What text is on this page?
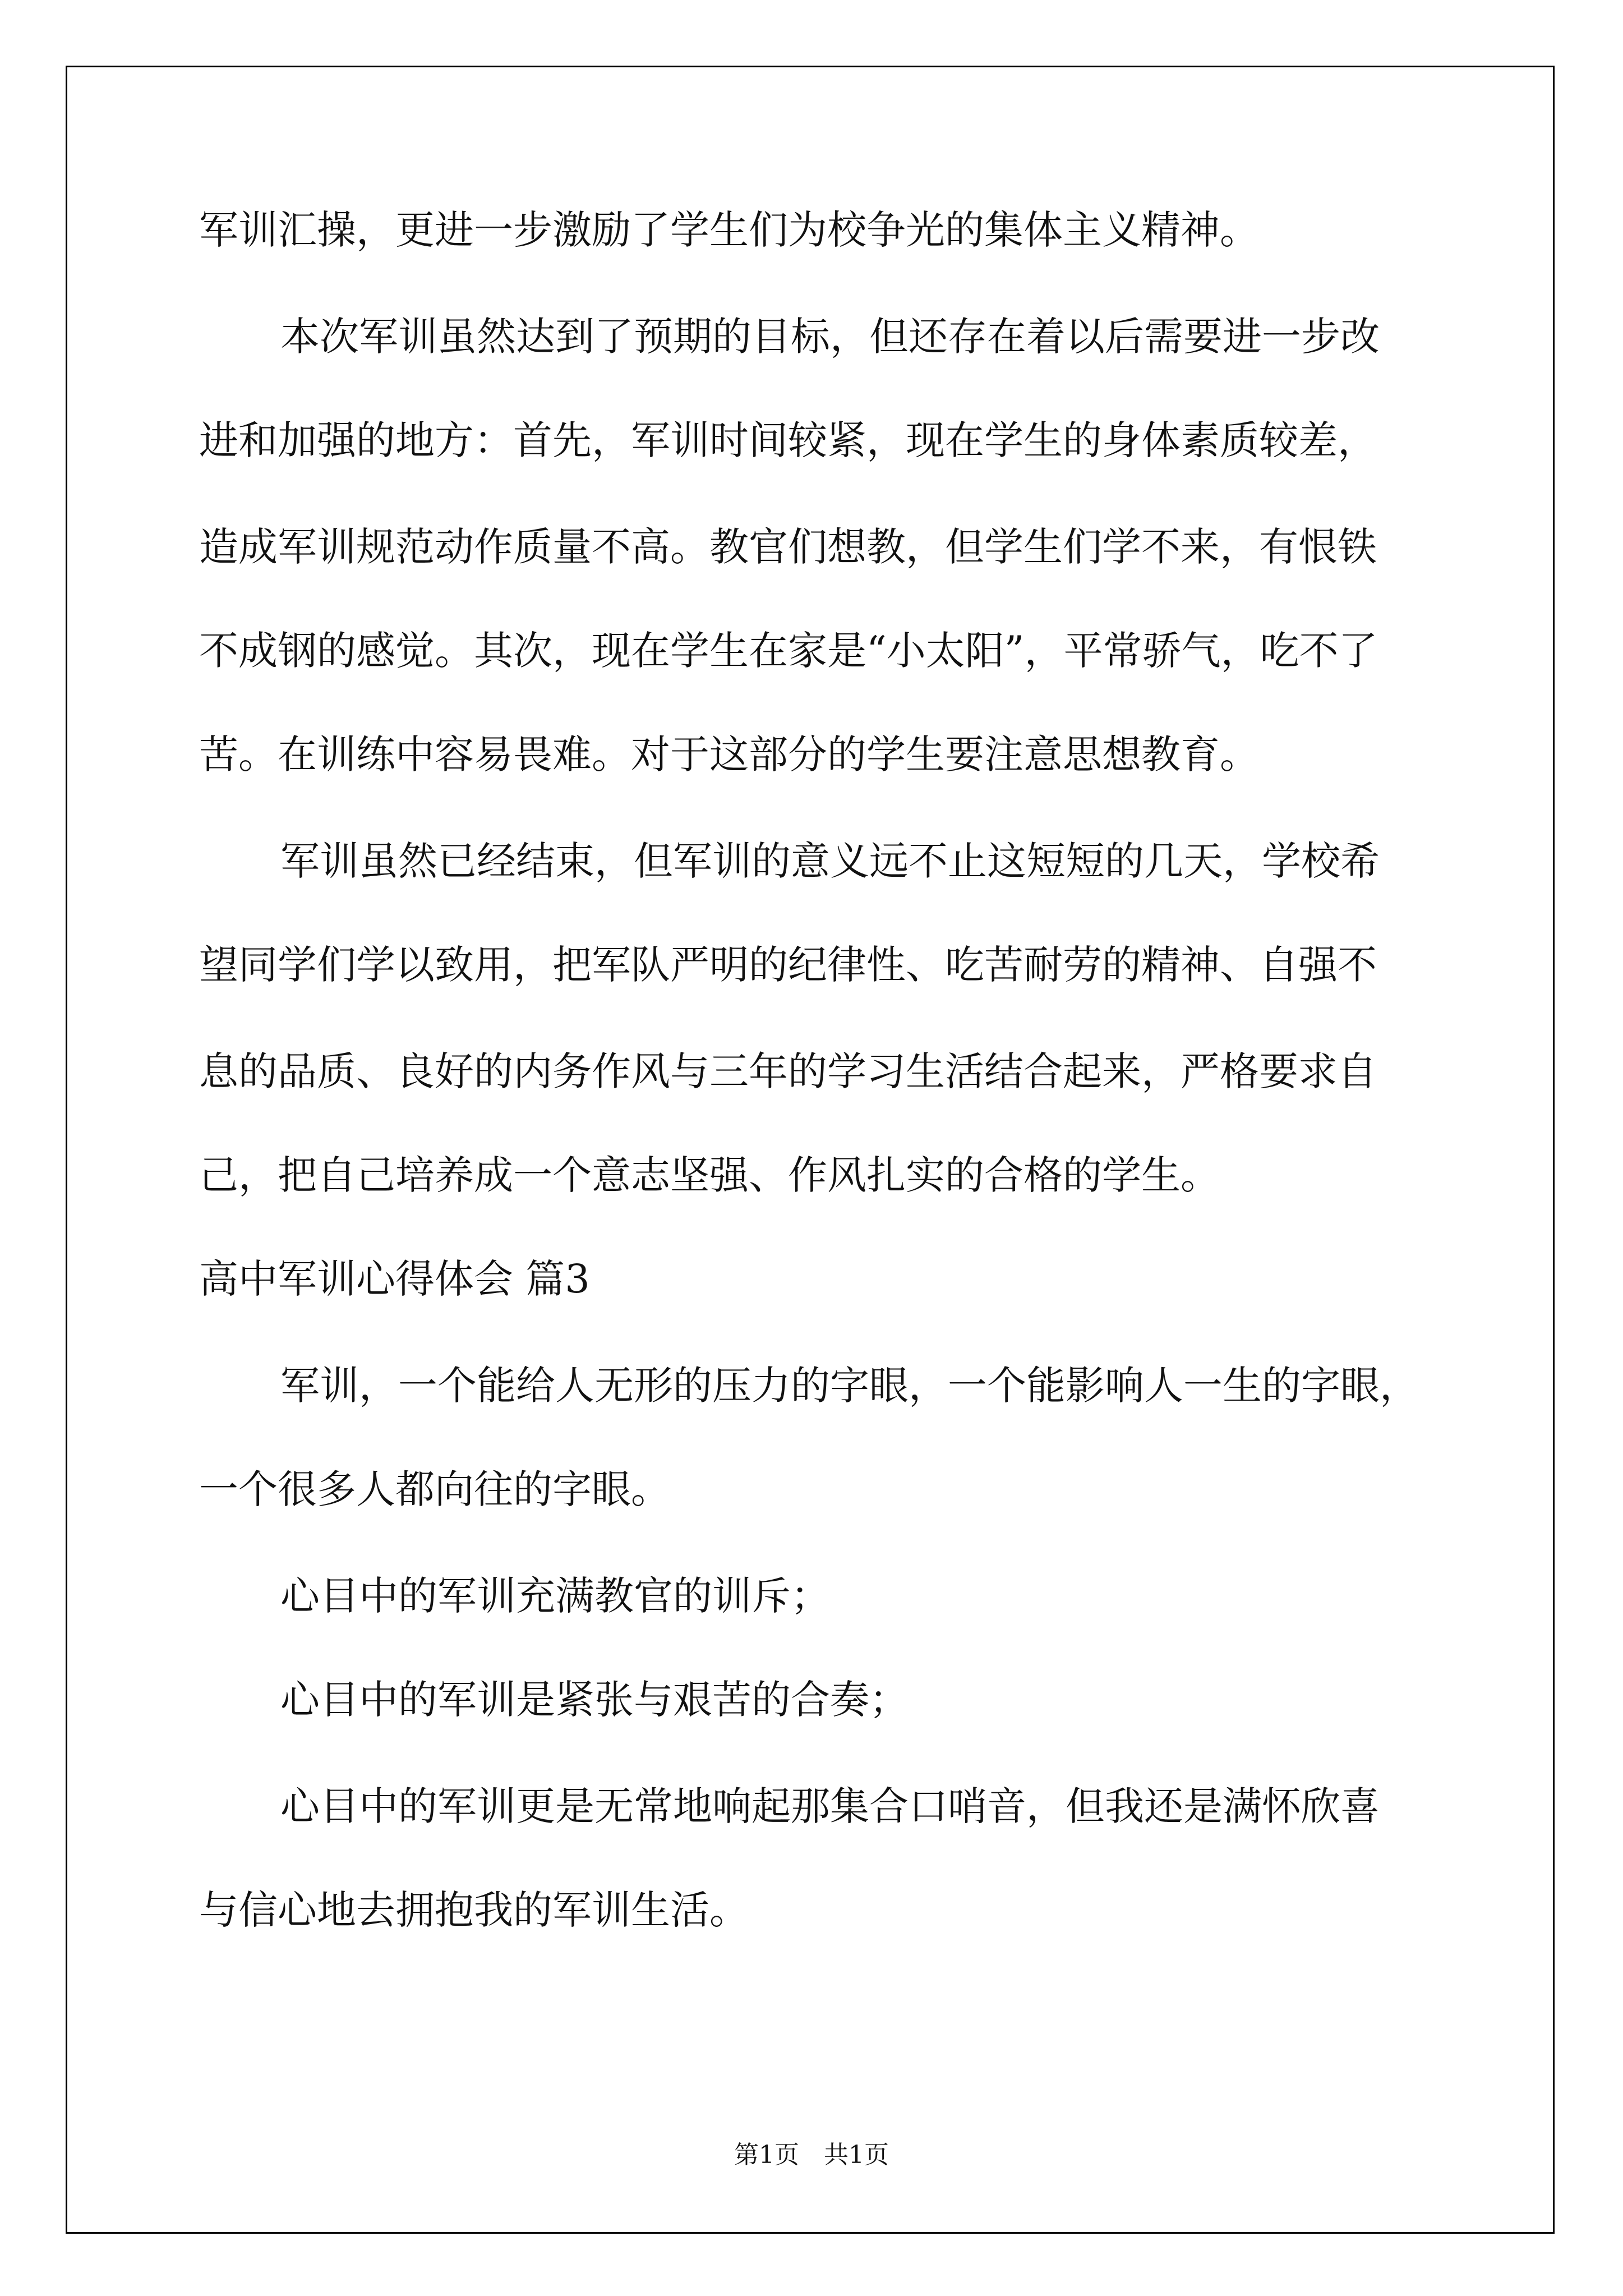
军训汇操，更进一步激励了学生们为校争光的集体主义精神。
本次军训虽然达到了预期的目标，但还存在着以后需要进一步改
进和加强的地方：首先，军训时间较紧，现在学生的身体素质较差，
造成军训规范动作质量不高。教官们想教，但学生们学不来，有恨铁
不成钢的感觉。其次，现在学生在家是“小太阳”，平常骄气，吃不了
苦。在训练中容易畏难。对于这部分的学生要注意思想教育。
军训虽然已经结束，但军训的意义远不止这短短的几天，学校希
望同学们学以致用，把军队严明的纪律性、吃苦耐劳的精神、自强不
息的品质、良好的内务作风与三年的学习生活结合起来，严格要求自
己，把自己培养成一个意志坚强、作风扎实的合格的学生。
高中军训心得体会 篇3
军训，一个能给人无形的压力的字眼，一个能影响人一生的字眼，
一个很多人都向往的字眼。
心目中的军训充满教官的训斥；
心目中的军训是紧张与艰苦的合奏；
心目中的军训更是无常地响起那集合口哨音，但我还是满怀欣喜
与信心地去拥抱我的军训生活。
第1页　共1页
